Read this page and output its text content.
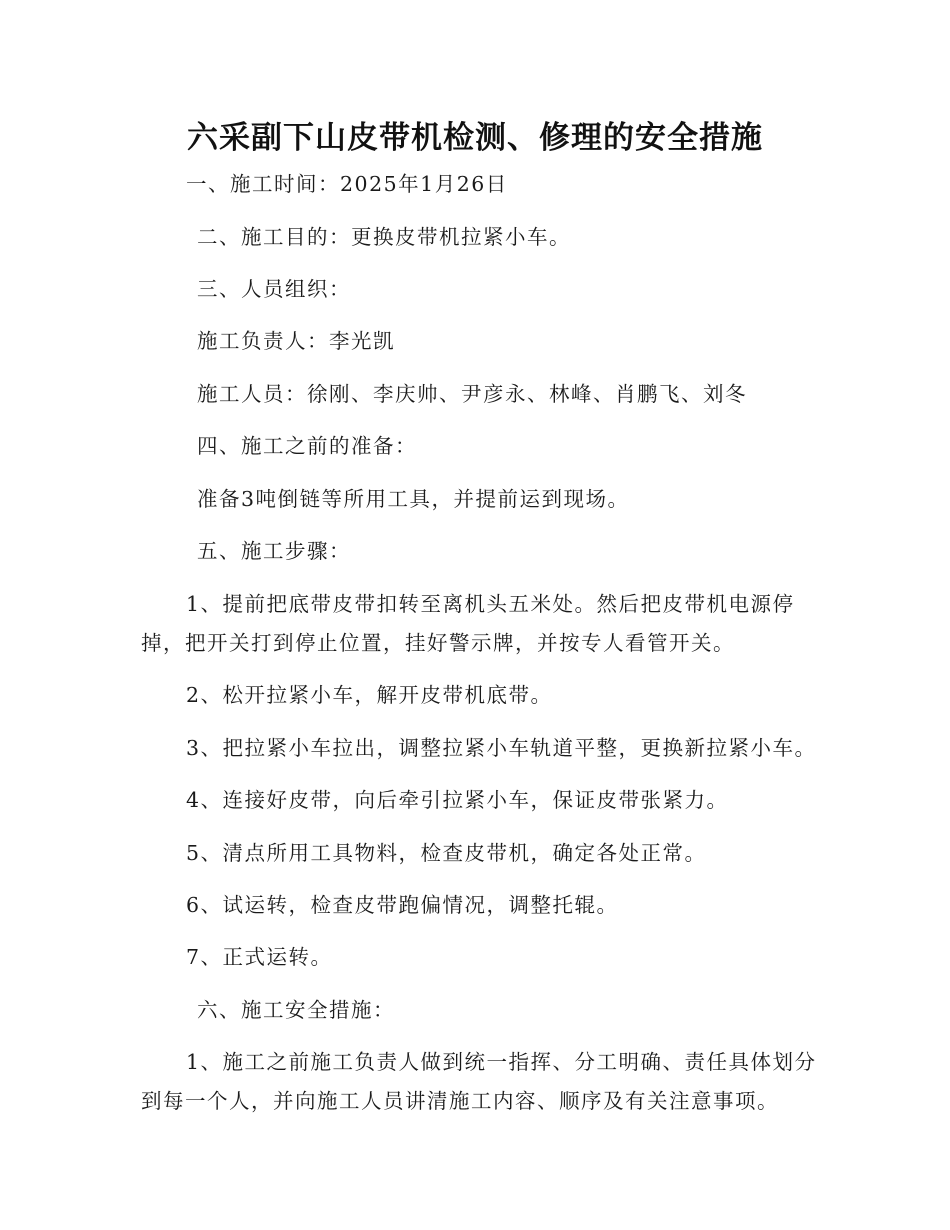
六采副下山皮带机检测、修理的安全措施
一、施工时间：2025年1月26日
二、施工目的：更换皮带机拉紧小车。
三、人员组织：
施工负责人：李光凯
施工人员：徐刚、李庆帅、尹彦永、林峰、肖鹏飞、刘冬
四、施工之前的准备：
准备3吨倒链等所用工具，并提前运到现场。
五、施工步骤：
1、提前把底带皮带扣转至离机头五米处。然后把皮带机电源停
掉，把开关打到停止位置，挂好警示牌，并按专人看管开关。
2、松开拉紧小车，解开皮带机底带。
3、把拉紧小车拉出，调整拉紧小车轨道平整，更换新拉紧小车。
4、连接好皮带，向后牵引拉紧小车，保证皮带张紧力。
5、清点所用工具物料，检查皮带机，确定各处正常。
6、试运转，检查皮带跑偏情况，调整托辊。
7、正式运转。
六、施工安全措施：
1、施工之前施工负责人做到统一指挥、分工明确、责任具体划分
到每一个人，并向施工人员讲清施工内容、顺序及有关注意事项。
